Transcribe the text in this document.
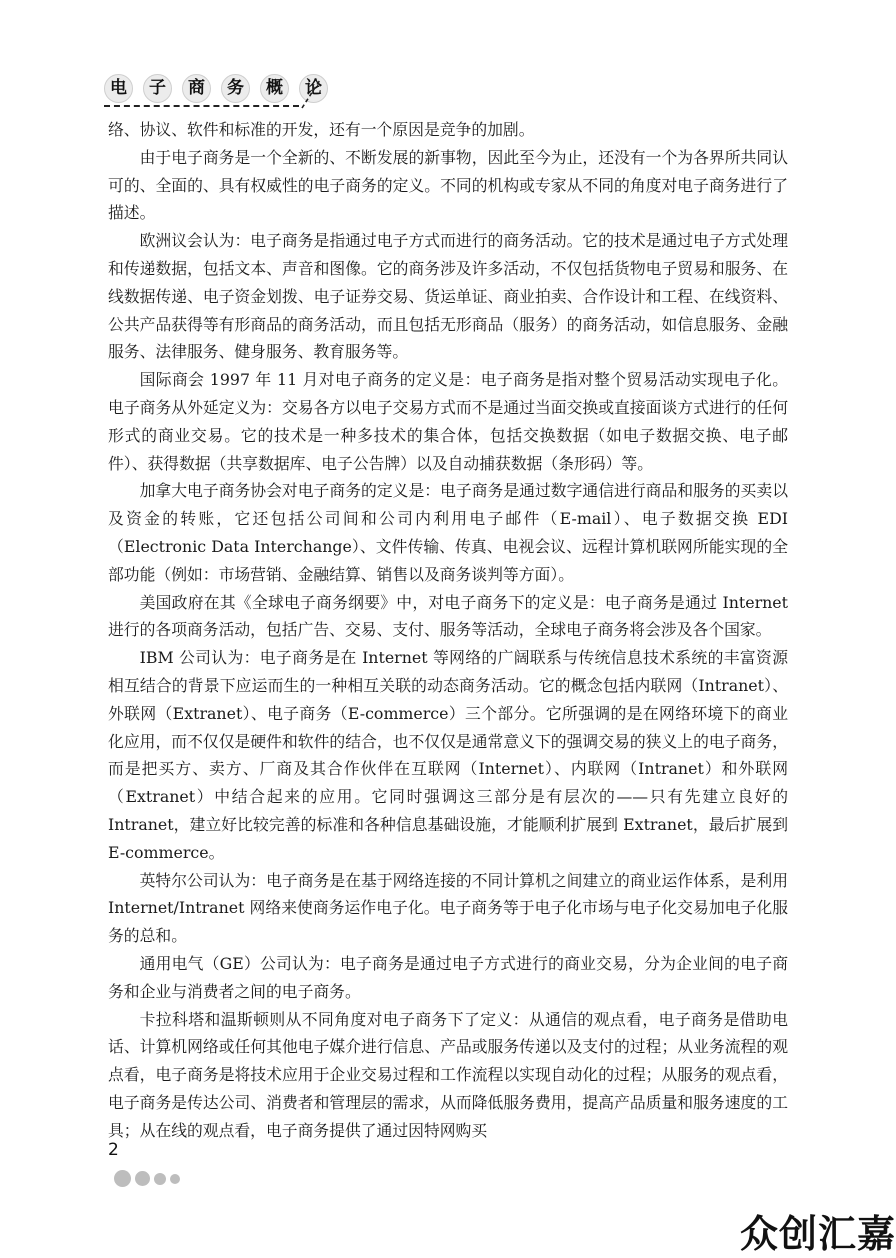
电	子	商	务	概	论

络、协议、软件和标准的开发，还有一个原因是竞争的加剧。

由于电子商务是一个全新的、不断发展的新事物，因此至今为止，还没有一个为各界所共同认可的、全面的、具有权威性的电子商务的定义。不同的机构或专家从不同的角度对电子商务进行了描述。

欧洲议会认为：电子商务是指通过电子方式而进行的商务活动。它的技术是通过电子方式处理和传递数据，包括文本、声音和图像。它的商务涉及许多活动，不仅包括货物电子贸易和服务、在线数据传递、电子资金划拨、电子证券交易、货运单证、商业拍卖、合作设计和工程、在线资料、公共产品获得等有形商品的商务活动，而且包括无形商品（服务）的商务活动，如信息服务、金融服务、法律服务、健身服务、教育服务等。

国际商会 1997 年 11 月对电子商务的定义是：电子商务是指对整个贸易活动实现电子化。电子商务从外延定义为：交易各方以电子交易方式而不是通过当面交换或直接面谈方式进行的任何形式的商业交易。它的技术是一种多技术的集合体，包括交换数据（如电子数据交换、电子邮件）、获得数据（共享数据库、电子公告牌）以及自动捕获数据（条形码）等。

加拿大电子商务协会对电子商务的定义是：电子商务是通过数字通信进行商品和服务的买卖以及资金的转账，它还包括公司间和公司内利用电子邮件（E-mail）、电子数据交换 EDI（Electronic Data Interchange）、文件传输、传真、电视会议、远程计算机联网所能实现的全部功能（例如：市场营销、金融结算、销售以及商务谈判等方面）。

美国政府在其《全球电子商务纲要》中，对电子商务下的定义是：电子商务是通过 Internet 进行的各项商务活动，包括广告、交易、支付、服务等活动，全球电子商务将会涉及各个国家。

IBM 公司认为：电子商务是在 Internet 等网络的广阔联系与传统信息技术系统的丰富资源相互结合的背景下应运而生的一种相互关联的动态商务活动。它的概念包括内联网（Intranet）、外联网（Extranet）、电子商务（E-commerce）三个部分。它所强调的是在网络环境下的商业化应用，而不仅仅是硬件和软件的结合，也不仅仅是通常意义下的强调交易的狭义上的电子商务，而是把买方、卖方、厂商及其合作伙伴在互联网（Internet）、内联网（Intranet）和外联网（Extranet）中结合起来的应用。它同时强调这三部分是有层次的——只有先建立良好的 Intranet，建立好比较完善的标准和各种信息基础设施，才能顺利扩展到 Extranet，最后扩展到 E-commerce。

英特尔公司认为：电子商务是在基于网络连接的不同计算机之间建立的商业运作体系，是利用 Internet/Intranet 网络来使商务运作电子化。电子商务等于电子化市场与电子化交易加电子化服务的总和。

通用电气（GE）公司认为：电子商务是通过电子方式进行的商业交易，分为企业间的电子商务和企业与消费者之间的电子商务。

卡拉科塔和温斯顿则从不同角度对电子商务下了定义：从通信的观点看，电子商务是借助电话、计算机网络或任何其他电子媒介进行信息、产品或服务传递以及支付的过程；从业务流程的观点看，电子商务是将技术应用于企业交易过程和工作流程以实现自动化的过程；从服务的观点看，电子商务是传达公司、消费者和管理层的需求，从而降低服务费用，提高产品质量和服务速度的工具；从在线的观点看，电子商务提供了通过因特网购买

2
众创汇嘉
